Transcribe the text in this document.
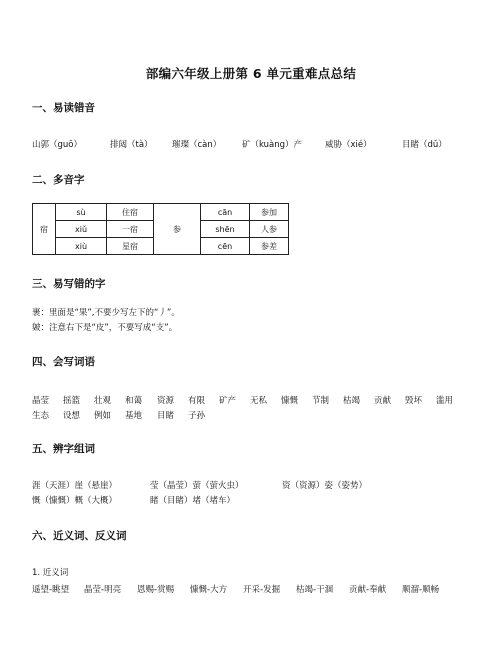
部编六年级上册第 6 单元重难点总结
一、易读错音
山郭（guō）	排闼（tà） 璀璨（càn） 矿（kuàng）产	威胁（xié）	目睹（dǔ）
二、多音字
宿	sù	住宿	参	cān	参加
	xiǔ	一宿		shēn	人参
	xiù	星宿		cēn	参差
三、易写错的字
裹：里面是“果”,不要少写左下的“丿”。
皴：注意右下是“皮”，不要写成“支”。
四、会写词语
晶莹 摇篮 壮观 和蔼 资源 有限 矿产 无私 慷慨 节制 枯竭 贡献 毁坏 滥用
生态 设想 例如 基地 目睹 子孙
五、辨字组词
涯（天涯）崖（悬崖）	莹（晶莹）萤（萤火虫）	资（资源）姿（姿势）
慨（慷慨）概（大概）	睹（目睹）堵（堵车）
六、近义词、反义词
1. 近义词
遥望-眺望 晶莹-明亮 恩赐-赏赐 慷慨-大方 开采-发掘 枯竭-干涸 贡献-奉献 顺溜-顺畅
